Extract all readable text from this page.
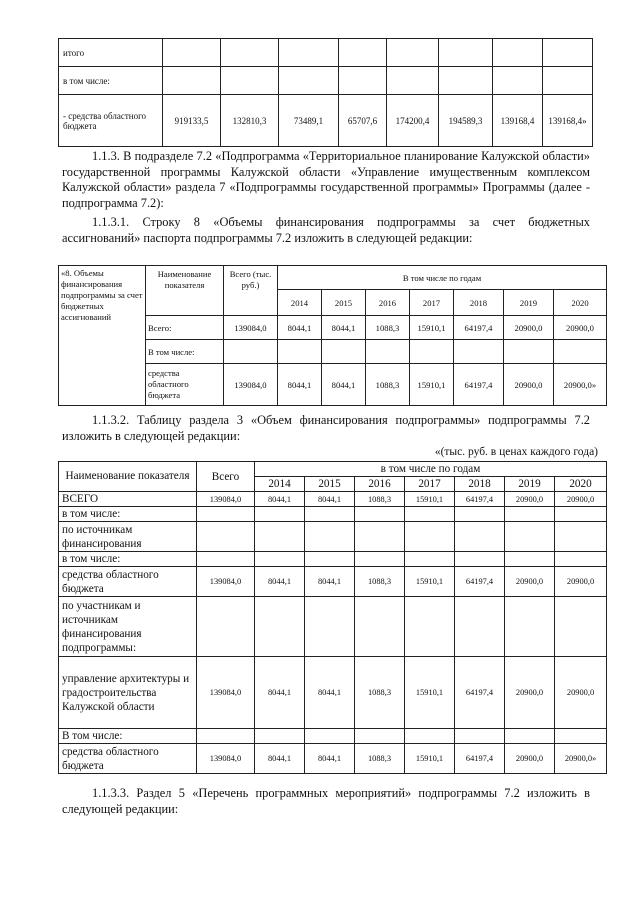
итого								
в том числе:								
- средства областного бюджета	919133,5	132810,3	73489,1	65707,6	174200,4	194589,3	139168,4	139168,4»
1.1.3. В подразделе 7.2 «Подпрограмма «Территориальное планирование Калужской области» государственной программы Калужской области «Управление имущественным комплексом Калужской области» раздела 7 «Подпрограммы государственной программы» Программы (далее - подпрограмма 7.2):
1.1.3.1. Строку 8 «Объемы финансирования подпрограммы за счет бюджетных ассигнований» паспорта подпрограммы 7.2 изложить в следующей редакции:
«8. Объемы финансирования подпрограммы за счет бюджетных ассигнований	Наименование показателя	Всего (тыс. руб.)	В том числе по годам						
			2014	2015	2016	2017	2018	2019	2020
	Всего:	139084,0	8044,1	8044,1	1088,3	15910,1	64197,4	20900,0	20900,0
	В том числе:								
	средства областного бюджета	139084,0	8044,1	8044,1	1088,3	15910,1	64197,4	20900,0	20900,0»
1.1.3.2. Таблицу раздела 3 «Объем финансирования подпрограммы» подпрограммы 7.2 изложить в следующей редакции:
«(тыс. руб. в ценах каждого года)
Наименование показателя	Всего	в том числе по годам						
		2014	2015	2016	2017	2018	2019	2020
ВСЕГО	139084,0	8044,1	8044,1	1088,3	15910,1	64197,4	20900,0	20900,0
в том числе:								
по источникам финансирования								
в том числе:								
средства областного бюджета	139084,0	8044,1	8044,1	1088,3	15910,1	64197,4	20900,0	20900,0
по участникам и источникам финансирования подпрограммы:								
управление архитектуры и градостроительства Калужской области	139084,0	8044,1	8044,1	1088,3	15910,1	64197,4	20900,0	20900,0
В том числе:								
средства областного бюджета	139084,0	8044,1	8044,1	1088,3	15910,1	64197,4	20900,0	20900,0»
1.1.3.3. Раздел 5 «Перечень программных мероприятий» подпрограммы 7.2 изложить в следующей редакции:
